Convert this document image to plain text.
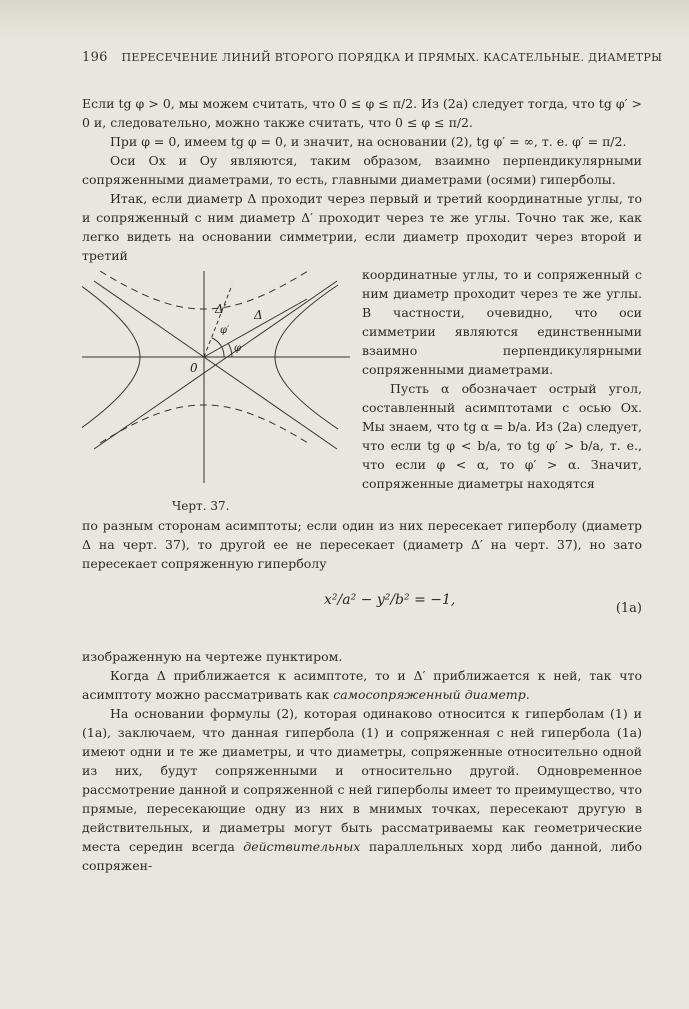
196 ПЕРЕСЕЧЕНИЕ ЛИНИЙ ВТОРОГО ПОРЯДКА И ПРЯМЫХ. КАСАТЕЛЬНЫЕ. ДИАМЕТРЫ

Если tg φ > 0, мы можем считать, что 0 ≤ φ ≤ π/2. Из (2a) следует тогда, что tg φ′ > 0 и, следовательно, можно также считать, что 0 ≤ φ ≤ π/2.

При φ = 0, имеем tg φ = 0, и значит, на основании (2), tg φ′ = ∞, т. е. φ′ = π/2.

Оси Ox и Oy являются, таким образом, взаимно перпендикулярными сопряженными диаметрами, то есть, главными диаметрами (осями) гиперболы.

Итак, если диаметр Δ проходит через первый и третий координатные углы, то и сопряженный с ним диаметр Δ′ проходит через те же углы. Точно так же, как легко видеть на основании симметрии, если диаметр проходит через второй и третий

Δ
Δ′
φ
φ′
0
Черт. 37.

координатные углы, то и сопряженный с ним диаметр проходит через те же углы. В частности, очевидно, что оси симметрии являются единственными взаимно перпендикулярными сопряженными диаметрами.

Пусть α обозначает острый угол, составленный асимптотами с осью Ox. Мы знаем, что tg α = b/a. Из (2a) следует, что если tg φ < b/a, то tg φ′ > b/a, т. е., что если φ < α, то φ′ > α. Значит, сопряженные диаметры находятся

по разным сторонам асимптоты; если один из них пересекает гиперболу (диаметр Δ на черт. 37), то другой ее не пересекает (диаметр Δ′ на черт. 37), но зато пересекает сопряженную гиперболу

x²/a² − y²/b² = −1,
(1a)

изображенную на чертеже пунктиром.

Когда Δ приближается к асимптоте, то и Δ′ приближается к ней, так что асимптоту можно рассматривать как самосопряженный диаметр.

На основании формулы (2), которая одинаково относится к гиперболам (1) и (1a), заключаем, что данная гипербола (1) и сопряженная с ней гипербола (1a) имеют одни и те же диаметры, и что диаметры, сопряженные относительно одной из них, будут сопряженными и относительно другой. Одновременное рассмотрение данной и сопряженной с ней гиперболы имеет то преимущество, что прямые, пересекающие одну из них в мнимых точках, пересекают другую в действительных, и диаметры могут быть рассматриваемы как геометрические места середин всегда действительных параллельных хорд либо данной, либо сопряжен-
